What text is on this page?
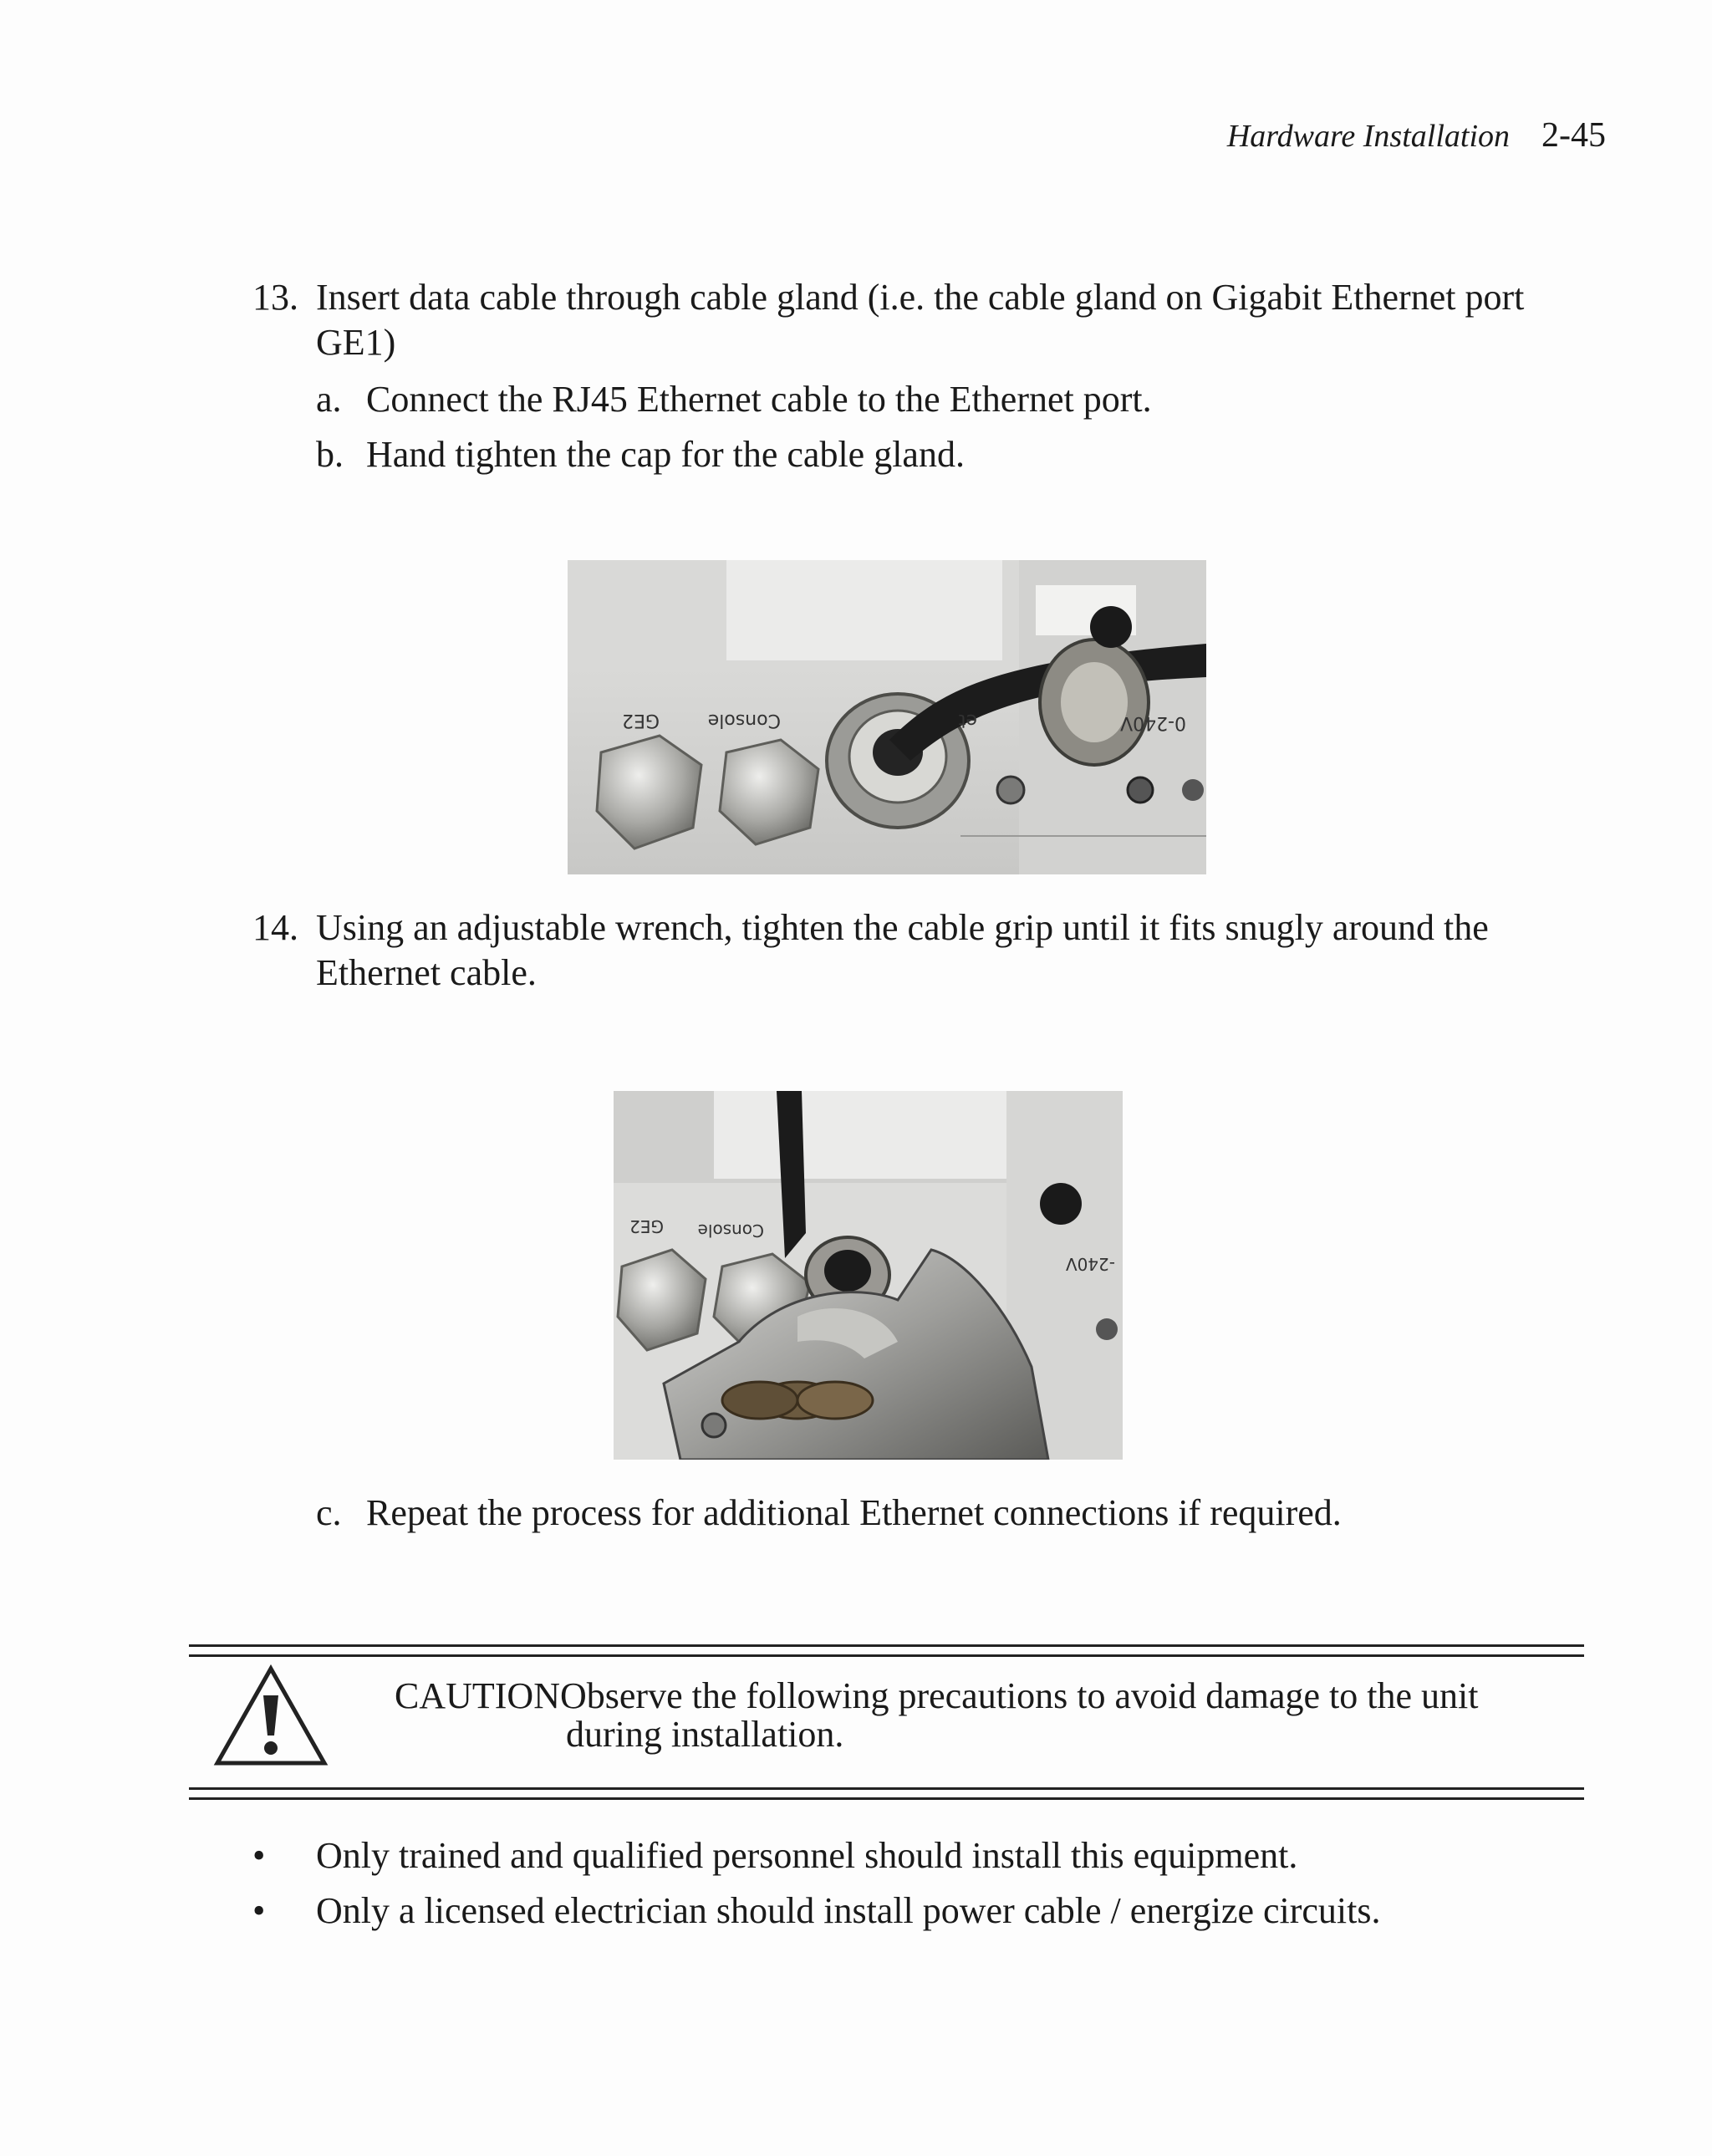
Hardware Installation 2-45
13. Insert data cable through cable gland (i.e. the cable gland on Gigabit Ethernet port GE1)
a. Connect the RJ45 Ethernet cable to the Ethernet port.
b. Hand tighten the cap for the cable gland.
GE2	Console	et	0-240V
14. Using an adjustable wrench, tighten the cable grip until it fits snugly around the Ethernet cable.
GE2 Console
-240V
c. Repeat the process for additional Ethernet connections if required.
CAUTIONObserve the following precautions to avoid damage to the unit
during installation.
• Only trained and qualified personnel should install this equipment.
• Only a licensed electrician should install power cable / energize circuits.
